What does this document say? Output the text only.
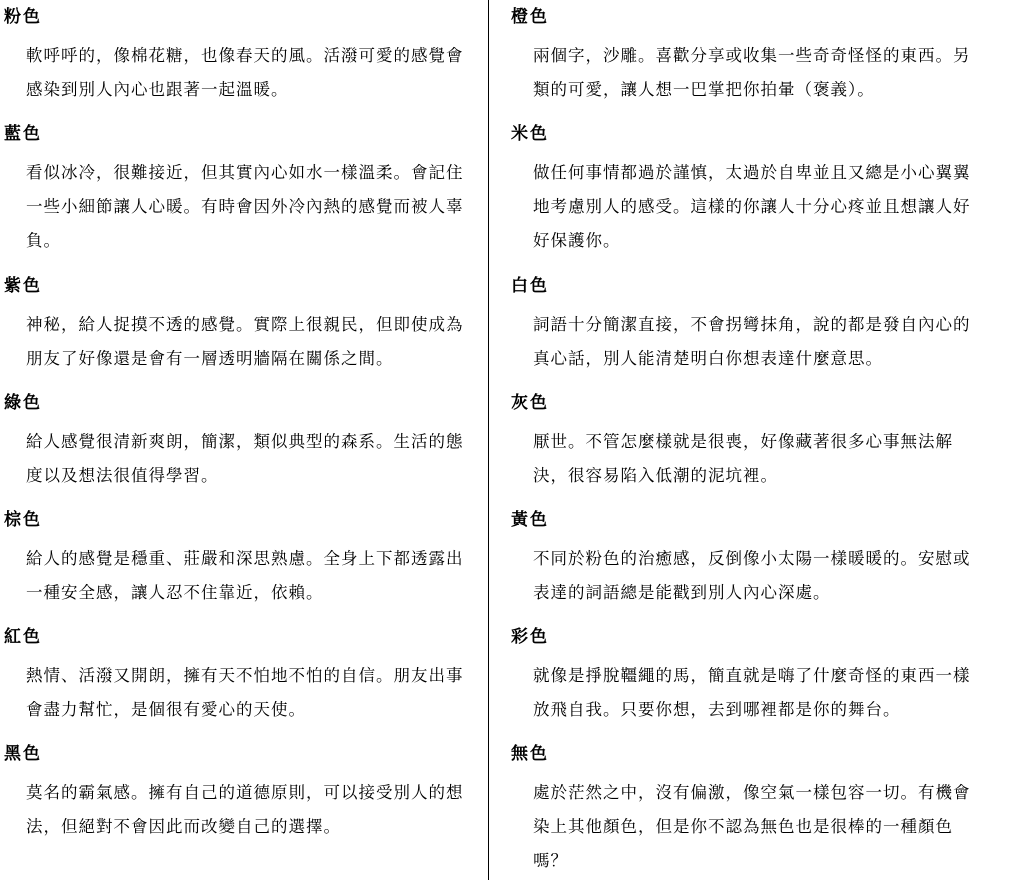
粉色
軟呼呼的，像棉花糖，也像春天的風。活潑可愛的感覺會感染到別人內心也跟著一起溫暖。
藍色
看似冰冷，很難接近，但其實內心如水一樣溫柔。會記住一些小細節讓人心暖。有時會因外冷內熱的感覺而被人辜負。
紫色
神秘，給人捉摸不透的感覺。實際上很親民，但即使成為朋友了好像還是會有一層透明牆隔在關係之間。
綠色
給人感覺很清新爽朗，簡潔，類似典型的森系。生活的態度以及想法很值得學習。
棕色
給人的感覺是穩重、莊嚴和深思熟慮。全身上下都透露出一種安全感，讓人忍不住靠近，依賴。
紅色
熱情、活潑又開朗，擁有天不怕地不怕的自信。朋友出事會盡力幫忙，是個很有愛心的天使。
黑色
莫名的霸氣感。擁有自己的道德原則，可以接受別人的想法，但絕對不會因此而改變自己的選擇。
橙色
兩個字，沙雕。喜歡分享或收集一些奇奇怪怪的東西。另類的可愛，讓人想一巴掌把你拍暈（褒義）。
米色
做任何事情都過於謹慎，太過於自卑並且又總是小心翼翼地考慮別人的感受。這樣的你讓人十分心疼並且想讓人好好保護你。
白色
詞語十分簡潔直接，不會拐彎抹角，說的都是發自內心的真心話，別人能清楚明白你想表達什麼意思。
灰色
厭世。不管怎麼樣就是很喪，好像藏著很多心事無法解決，很容易陷入低潮的泥坑裡。
黃色
不同於粉色的治癒感，反倒像小太陽一樣暖暖的。安慰或表達的詞語總是能戳到別人內心深處。
彩色
就像是掙脫韁繩的馬，簡直就是嗨了什麼奇怪的東西一樣放飛自我。只要你想，去到哪裡都是你的舞台。
無色
處於茫然之中，沒有偏激，像空氣一樣包容一切。有機會染上其他顏色，但是你不認為無色也是很棒的一種顏色嗎？
